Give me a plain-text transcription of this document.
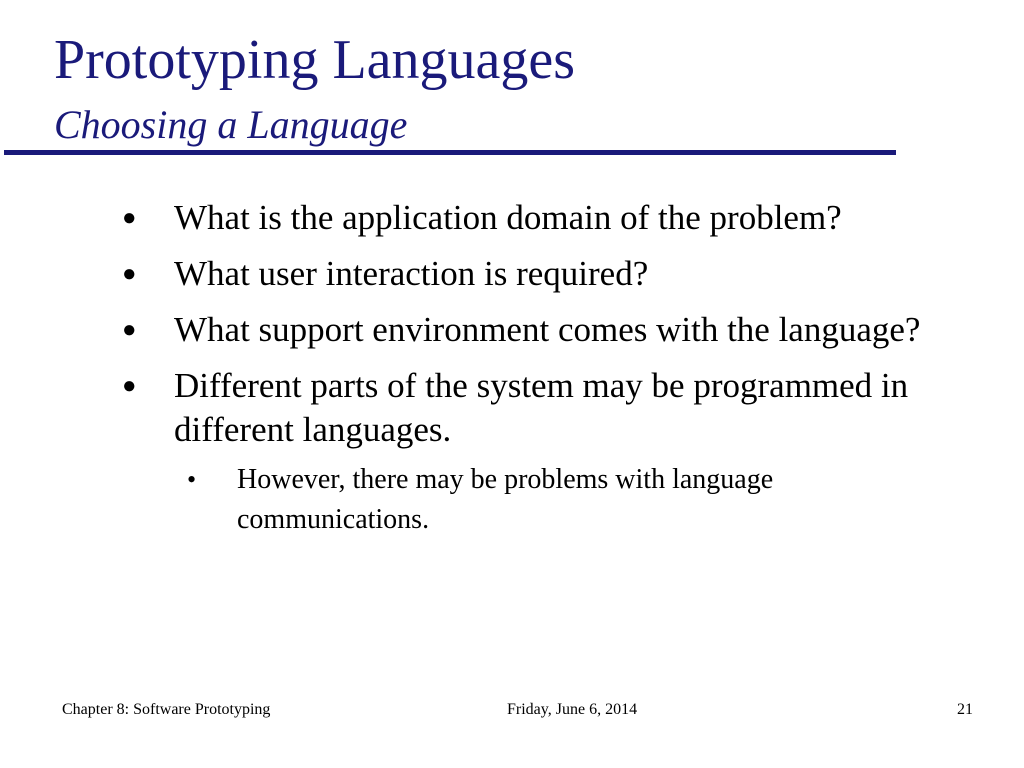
Prototyping Languages
Choosing a Language
● What is the application domain of the problem?
● What user interaction is required?
● What support environment comes with the language?
● Different parts of the system may be programmed in different languages.
• However, there may be problems with language communications.
Chapter 8: Software Prototyping	Friday, June 6, 2014	21
